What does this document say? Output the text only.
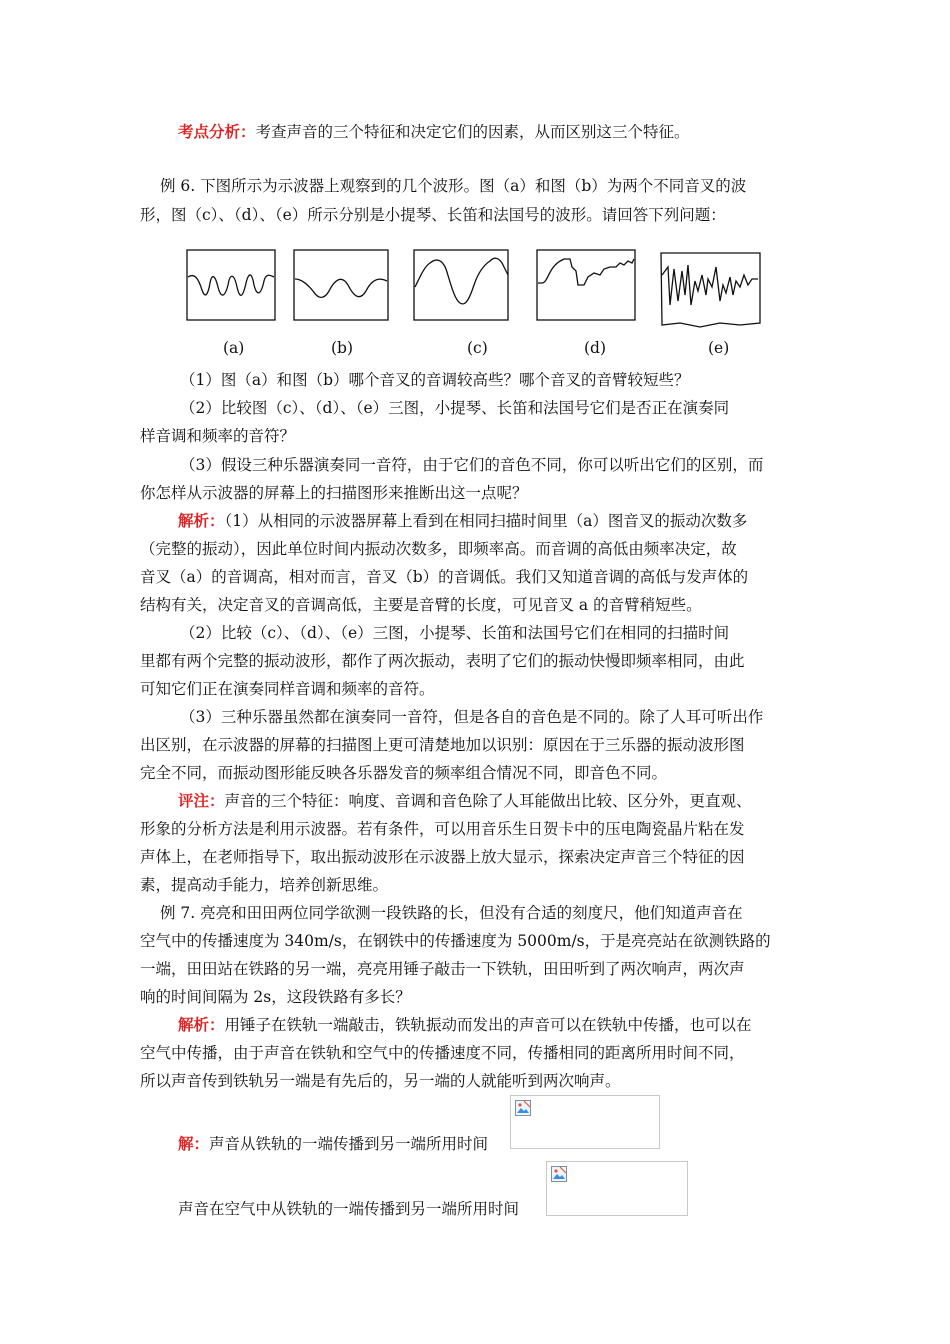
考点分析：考查声音的三个特征和决定它们的因素，从而区别这三个特征。
例 6. 下图所示为示波器上观察到的几个波形。图（a）和图（b）为两个不同音叉的波
形，图（c）、（d）、（e）所示分别是小提琴、长笛和法国号的波形。请回答下列问题：
(a)	(b)	(c)	(d)	(e)
（1）图（a）和图（b）哪个音叉的音调较高些？哪个音叉的音臂较短些？
（2）比较图（c）、（d）、（e）三图，小提琴、长笛和法国号它们是否正在演奏同
样音调和频率的音符？
（3）假设三种乐器演奏同一音符，由于它们的音色不同，你可以听出它们的区别，而
你怎样从示波器的屏幕上的扫描图形来推断出这一点呢？
解析：（1）从相同的示波器屏幕上看到在相同扫描时间里（a）图音叉的振动次数多
（完整的振动），因此单位时间内振动次数多，即频率高。而音调的高低由频率决定，故
音叉（a）的音调高，相对而言，音叉（b）的音调低。我们又知道音调的高低与发声体的
结构有关，决定音叉的音调高低，主要是音臂的长度，可见音叉 a 的音臂稍短些。
（2）比较（c）、（d）、（e）三图，小提琴、长笛和法国号它们在相同的扫描时间
里都有两个完整的振动波形，都作了两次振动，表明了它们的振动快慢即频率相同，由此
可知它们正在演奏同样音调和频率的音符。
（3）三种乐器虽然都在演奏同一音符，但是各自的音色是不同的。除了人耳可听出作
出区别，在示波器的屏幕的扫描图上更可清楚地加以识别：原因在于三乐器的振动波形图
完全不同，而振动图形能反映各乐器发音的频率组合情况不同，即音色不同。
评注：声音的三个特征：响度、音调和音色除了人耳能做出比较、区分外，更直观、
形象的分析方法是利用示波器。若有条件，可以用音乐生日贺卡中的压电陶瓷晶片粘在发
声体上，在老师指导下，取出振动波形在示波器上放大显示，探索决定声音三个特征的因
素，提高动手能力，培养创新思维。
例 7. 亮亮和田田两位同学欲测一段铁路的长，但没有合适的刻度尺，他们知道声音在
空气中的传播速度为 340m/s，在钢铁中的传播速度为 5000m/s，于是亮亮站在欲测铁路的
一端，田田站在铁路的另一端，亮亮用锤子敲击一下铁轨，田田听到了两次响声，两次声
响的时间间隔为 2s，这段铁路有多长？
解析：用锤子在铁轨一端敲击，铁轨振动而发出的声音可以在铁轨中传播，也可以在
空气中传播，由于声音在铁轨和空气中的传播速度不同，传播相同的距离所用时间不同，
所以声音传到铁轨另一端是有先后的，另一端的人就能听到两次响声。
解：声音从铁轨的一端传播到另一端所用时间
声音在空气中从铁轨的一端传播到另一端所用时间
